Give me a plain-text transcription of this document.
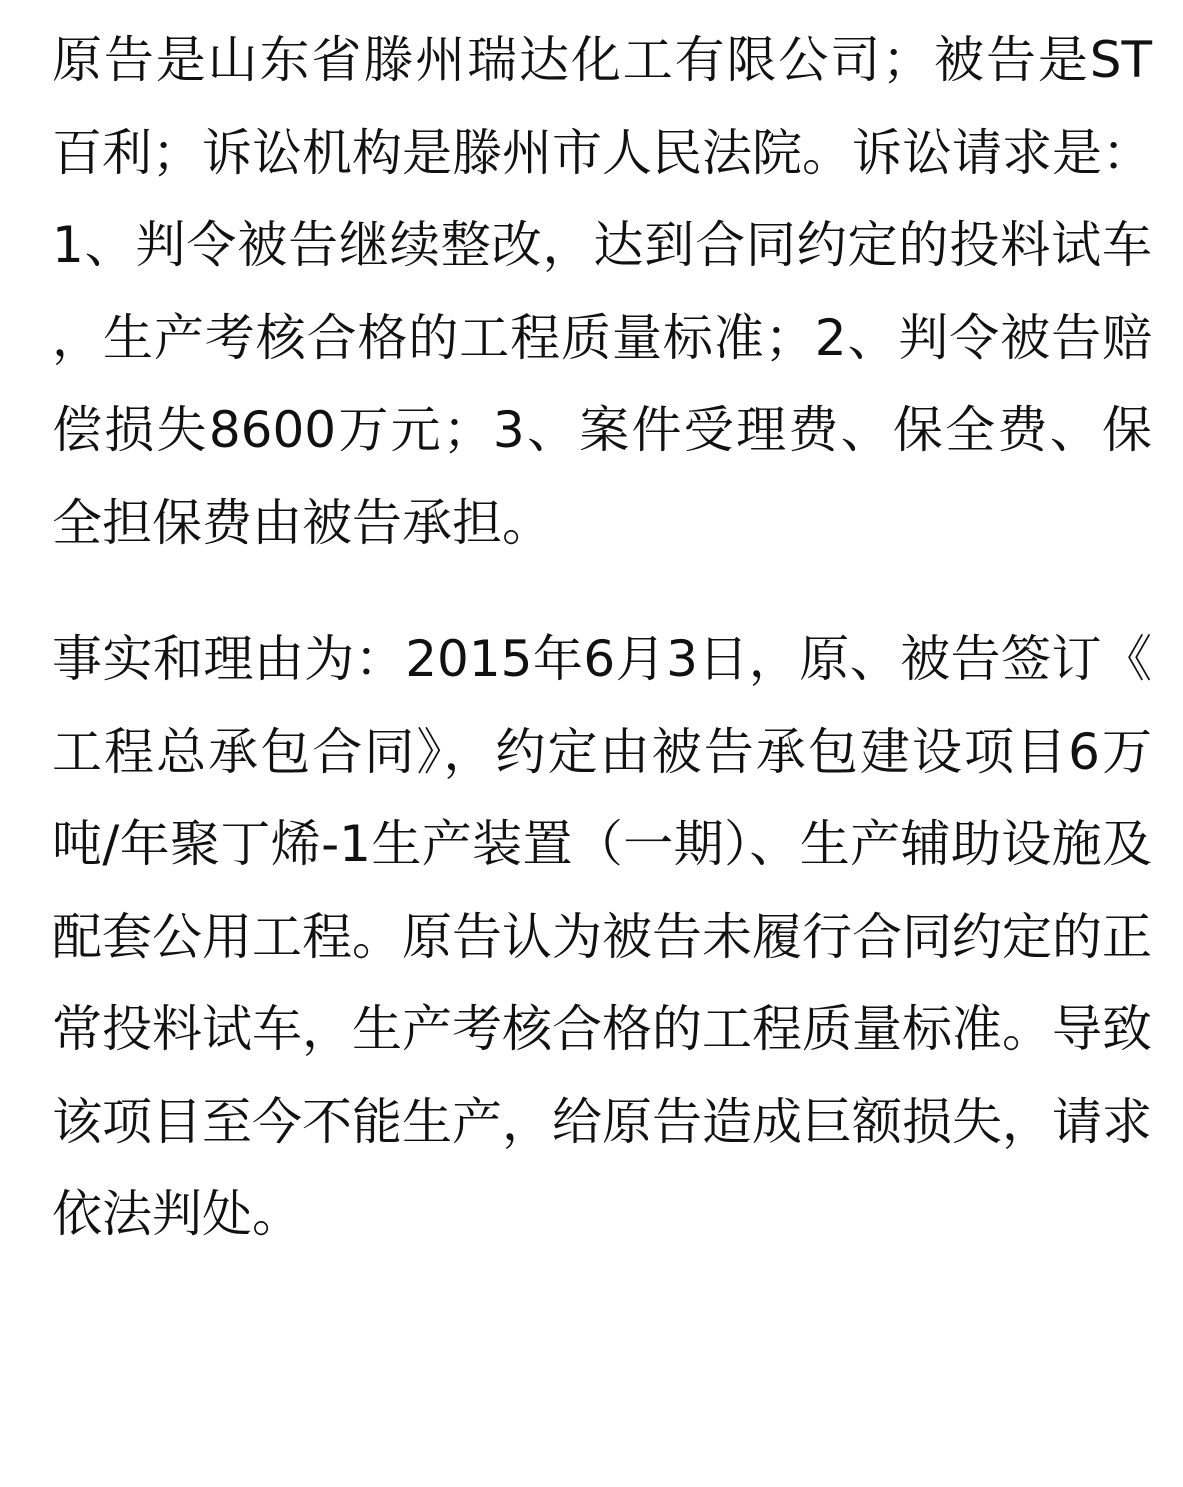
原告是山东省滕州瑞达化工有限公司；被告是ST百利；诉讼机构是滕州市人民法院。诉讼请求是：1、判令被告继续整改，达到合同约定的投料试车，生产考核合格的工程质量标准；2、判令被告赔偿损失8600万元；3、案件受理费、保全费、保全担保费由被告承担。

事实和理由为：2015年6月3日，原、被告签订《工程总承包合同》，约定由被告承包建设项目6万吨/年聚丁烯-1生产装置（一期）、生产辅助设施及配套公用工程。原告认为被告未履行合同约定的正常投料试车，生产考核合格的工程质量标准。导致该项目至今不能生产，给原告造成巨额损失，请求依法判处。
